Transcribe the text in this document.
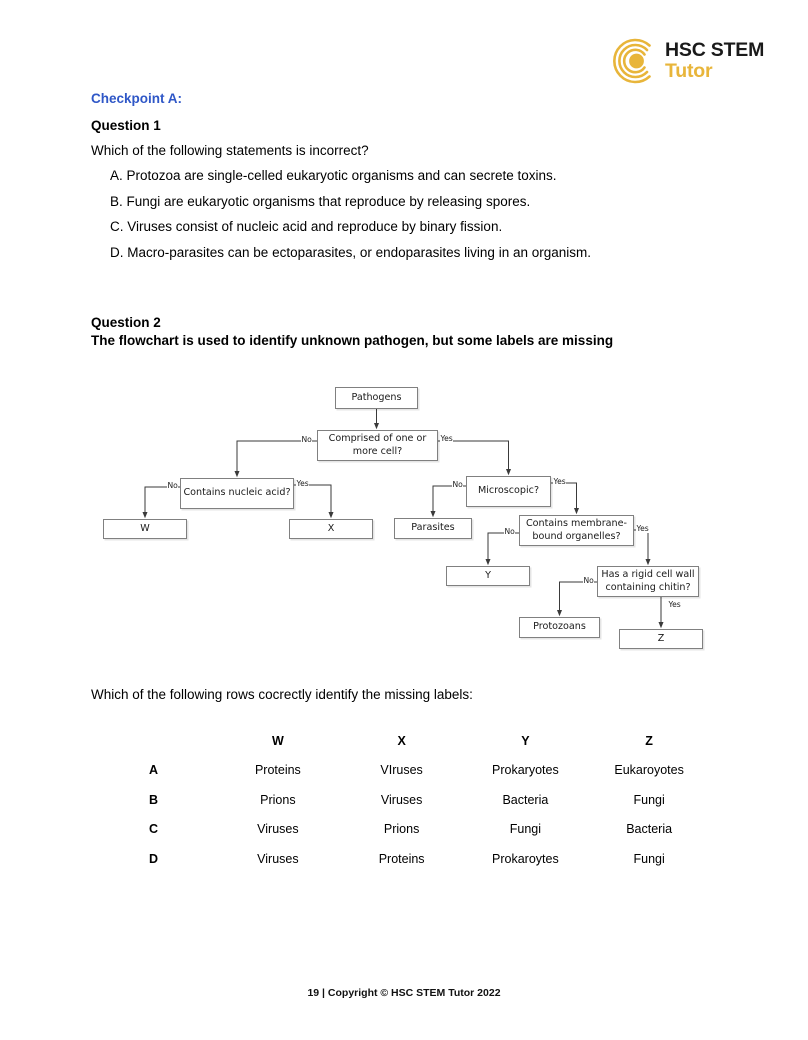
HSC STEM
Tutor
Checkpoint A:
Question 1
Which of the following statements is incorrect?
A. Protozoa are single-celled eukaryotic organisms and can secrete toxins.
B. Fungi are eukaryotic organisms that reproduce by releasing spores.
C. Viruses consist of nucleic acid and reproduce by binary fission.
D. Macro-parasites can be ectoparasites, or endoparasites living in an organism.
Question 2
The flowchart is used to identify unknown pathogen, but some labels are missing
Pathogens
Comprised of one or more cell?
Contains nucleic acid?	Microscopic?
W	X	Parasites	Contains membrane-bound organelles?
Y	Has a rigid cell wall containing chitin?
Protozoans
Z
No	Yes
No	Yes	No	Yes
No	Yes
No
Yes
Which of the following rows cocrectly identify the missing labels:
	W	X	Y	Z
A	Proteins	VIruses	Prokaryotes	Eukaroyotes
B	Prions	Viruses	Bacteria	Fungi
C	Viruses	Prions	Fungi	Bacteria
D	Viruses	Proteins	Prokaroytes	Fungi
19 | Copyright © HSC STEM Tutor 2022
